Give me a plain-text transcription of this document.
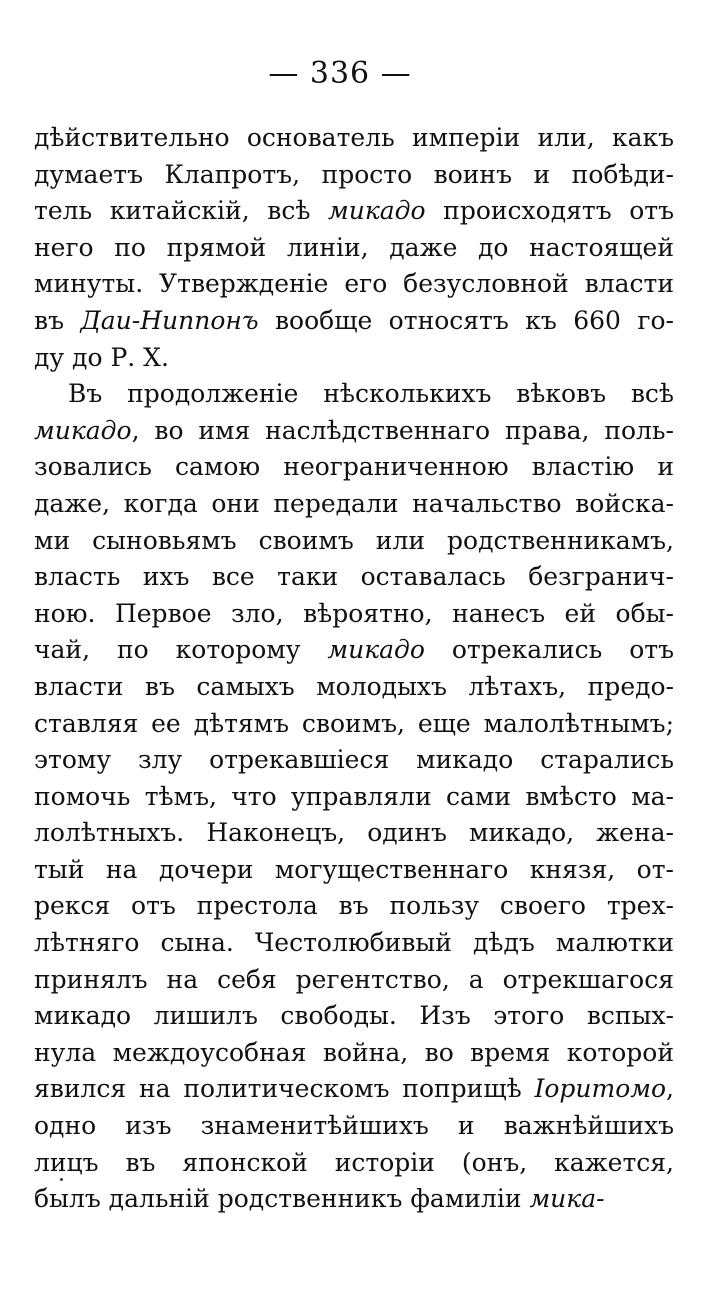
— 336 —
дѣйствительно основатель имперіи или, какъ
думаетъ Клапротъ, просто воинъ и побѣди-
тель китайскій, всѣ микадо происходятъ отъ
него по прямой линіи, даже до настоящей
минуты. Утвержденіе его безусловной власти
въ Даи-Ниппонъ вообще относятъ къ 660 го-
ду до Р. Х.
Въ продолженіе нѣсколькихъ вѣковъ всѣ
микадо, во имя наслѣдственнаго права, поль-
зовались самою неограниченною властію и
даже, когда они передали начальство войска-
ми сыновьямъ своимъ или родственникамъ,
власть ихъ все таки оставалась безгранич-
ною. Первое зло, вѣроятно, нанесъ ей обы-
чай, по которому микадо отрекались отъ
власти въ самыхъ молодыхъ лѣтахъ, предо-
ставляя ее дѣтямъ своимъ, еще малолѣтнымъ;
этому злу отрекавшіеся микадо старались
помочь тѣмъ, что управляли сами вмѣсто ма-
лолѣтныхъ. Наконецъ, одинъ микадо, жена-
тый на дочери могущественнаго князя, от-
рекся отъ престола въ пользу своего трех-
лѣтняго сына. Честолюбивый дѣдъ малютки
принялъ на себя регентство, а отрекшагося
микадо лишилъ свободы. Изъ этого вспых-
нула междоусобная война, во время которой
явился на политическомъ поприщѣ Іоритомо,
одно изъ знаменитѣйшихъ и важнѣйшихъ
лицъ въ японской исторіи (онъ, кажется,
былъ дальній родственникъ фамиліи мика-
